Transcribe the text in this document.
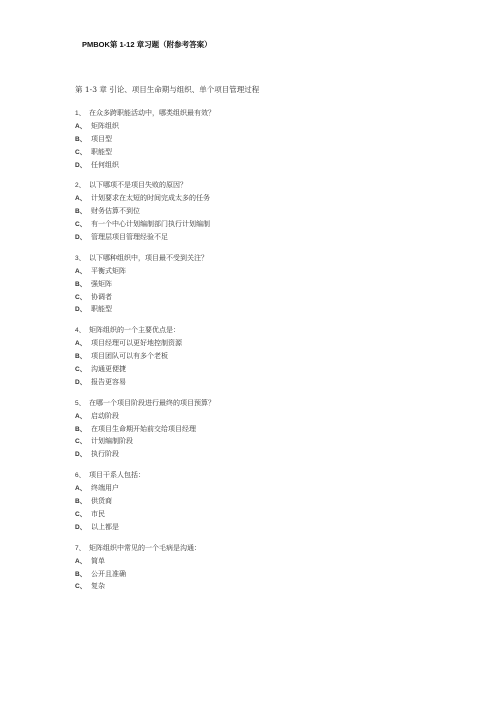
PMBOK第 1-12 章习题（附参考答案）
第 1-3 章 引论、项目生命期与组织、单个项目管理过程
1、 在众多跨职能活动中，哪类组织最有效？
A、 矩阵组织
B、 项目型
C、 职能型
D、 任何组织
2、 以下哪项不是项目失败的原因？
A、 计划要求在太短的时间完成太多的任务
B、 财务估算不到位
C、 有一个中心计划编制部门执行计划编制
D、 管理层项目管理经验不足
3、 以下哪种组织中，项目最不受到关注？
A、 平衡式矩阵
B、 强矩阵
C、 协调者
D、 职能型
4、 矩阵组织的一个主要优点是：
A、 项目经理可以更好地控制资源
B、 项目团队可以有多个老板
C、 沟通更便捷
D、 报告更容易
5、 在哪一个项目阶段进行最终的项目预算？
A、 启动阶段
B、 在项目生命期开始前交给项目经理
C、 计划编制阶段
D、 执行阶段
6、 项目干系人包括：
A、 终端用户
B、 供货商
C、 市民
D、 以上都是
7、 矩阵组织中常见的一个毛病是沟通：
A、 简单
B、 公开且准确
C、 复杂
